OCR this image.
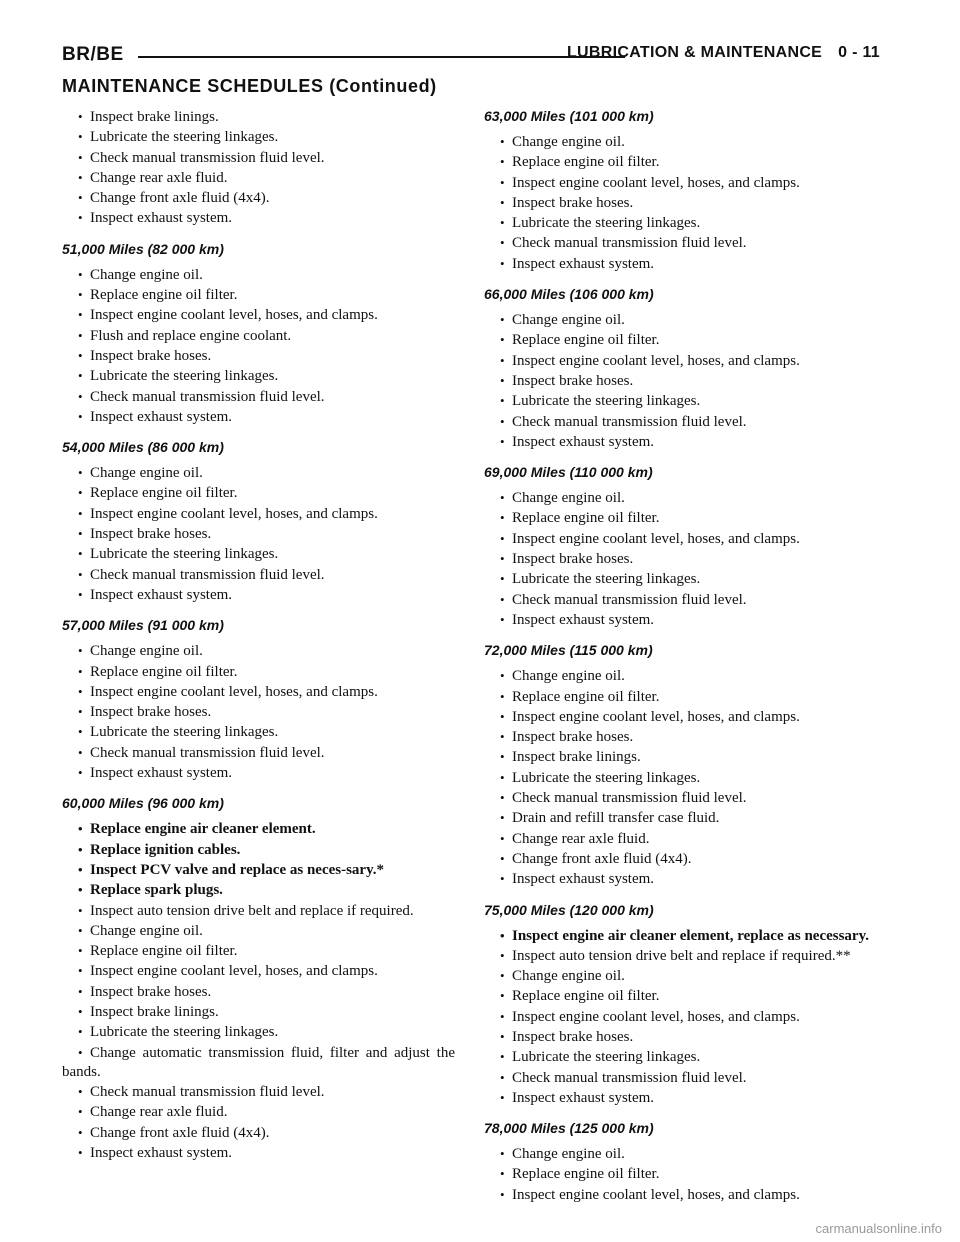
BR/BE	LUBRICATION & MAINTENANCE 0 - 11
MAINTENANCE SCHEDULES (Continued)
• Inspect brake linings.
• Lubricate the steering linkages.
• Check manual transmission fluid level.
• Change rear axle fluid.
• Change front axle fluid (4x4).
• Inspect exhaust system.
51,000 Miles (82 000 km)
• Change engine oil.
• Replace engine oil filter.
• Inspect engine coolant level, hoses, and clamps.
• Flush and replace engine coolant.
• Inspect brake hoses.
• Lubricate the steering linkages.
• Check manual transmission fluid level.
• Inspect exhaust system.
54,000 Miles (86 000 km)
• Change engine oil.
• Replace engine oil filter.
• Inspect engine coolant level, hoses, and clamps.
• Inspect brake hoses.
• Lubricate the steering linkages.
• Check manual transmission fluid level.
• Inspect exhaust system.
57,000 Miles (91 000 km)
• Change engine oil.
• Replace engine oil filter.
• Inspect engine coolant level, hoses, and clamps.
• Inspect brake hoses.
• Lubricate the steering linkages.
• Check manual transmission fluid level.
• Inspect exhaust system.
60,000 Miles (96 000 km)
• Replace engine air cleaner element.
• Replace ignition cables.
• Inspect PCV valve and replace as neces-sary.*
• Replace spark plugs.
• Inspect auto tension drive belt and replace if required.
• Change engine oil.
• Replace engine oil filter.
• Inspect engine coolant level, hoses, and clamps.
• Inspect brake hoses.
• Inspect brake linings.
• Lubricate the steering linkages.
• Change automatic transmission fluid, filter and adjust the bands.
• Check manual transmission fluid level.
• Change rear axle fluid.
• Change front axle fluid (4x4).
• Inspect exhaust system.
63,000 Miles (101 000 km)
• Change engine oil.
• Replace engine oil filter.
• Inspect engine coolant level, hoses, and clamps.
• Inspect brake hoses.
• Lubricate the steering linkages.
• Check manual transmission fluid level.
• Inspect exhaust system.
66,000 Miles (106 000 km)
• Change engine oil.
• Replace engine oil filter.
• Inspect engine coolant level, hoses, and clamps.
• Inspect brake hoses.
• Lubricate the steering linkages.
• Check manual transmission fluid level.
• Inspect exhaust system.
69,000 Miles (110 000 km)
• Change engine oil.
• Replace engine oil filter.
• Inspect engine coolant level, hoses, and clamps.
• Inspect brake hoses.
• Lubricate the steering linkages.
• Check manual transmission fluid level.
• Inspect exhaust system.
72,000 Miles (115 000 km)
• Change engine oil.
• Replace engine oil filter.
• Inspect engine coolant level, hoses, and clamps.
• Inspect brake hoses.
• Inspect brake linings.
• Lubricate the steering linkages.
• Check manual transmission fluid level.
• Drain and refill transfer case fluid.
• Change rear axle fluid.
• Change front axle fluid (4x4).
• Inspect exhaust system.
75,000 Miles (120 000 km)
• Inspect engine air cleaner element, replace as necessary.
• Inspect auto tension drive belt and replace if required.**
• Change engine oil.
• Replace engine oil filter.
• Inspect engine coolant level, hoses, and clamps.
• Inspect brake hoses.
• Lubricate the steering linkages.
• Check manual transmission fluid level.
• Inspect exhaust system.
78,000 Miles (125 000 km)
• Change engine oil.
• Replace engine oil filter.
• Inspect engine coolant level, hoses, and clamps.
carmanualsonline.info
